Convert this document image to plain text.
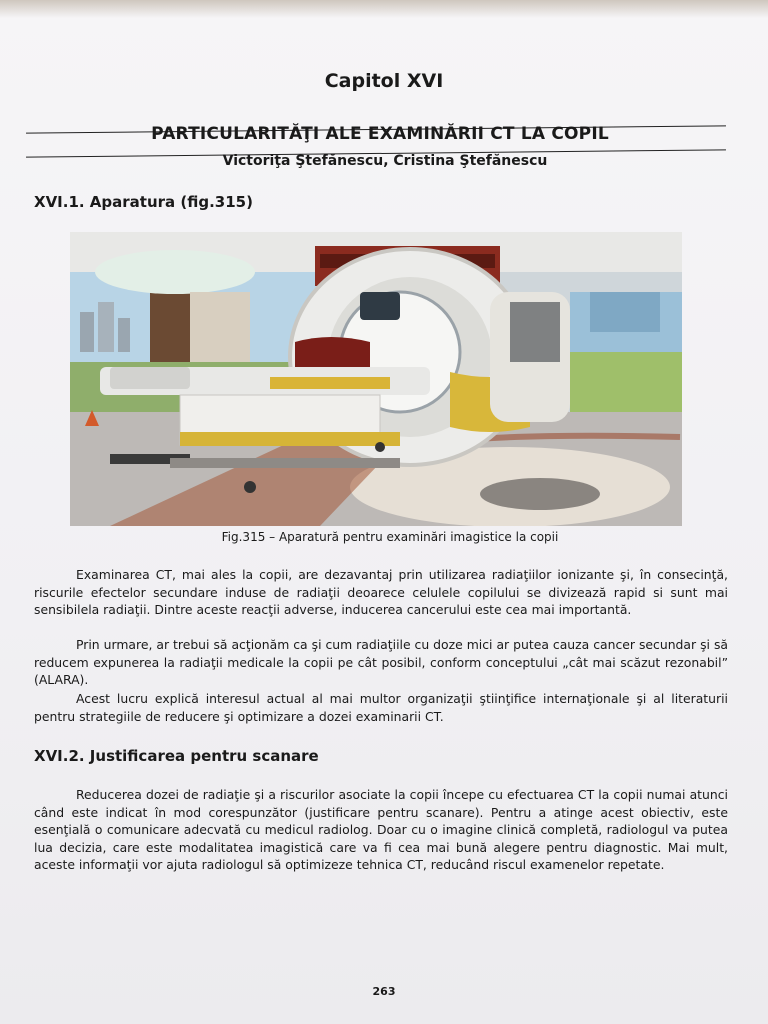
Capitol XVI
PARTICULARITĂŢI ALE EXAMINĂRII CT LA COPIL
Victoriţa Ştefănescu, Cristina Ştefănescu
XVI.1. Aparatura (fig.315)
Fig.315 – Aparatură pentru examinări imagistice la copii
Examinarea CT, mai ales la copii, are dezavantaj prin utilizarea radiaţiilor ionizante şi, în consecinţă, riscurile efectelor secundare induse de radiaţii deoarece celulele copilului se divizează rapid si sunt mai sensibilela radiaţii. Dintre aceste reacţii adverse, inducerea cancerului este cea mai importantă.
Prin urmare, ar trebui să acţionăm ca şi cum radiaţiile cu doze mici ar putea cauza cancer secundar şi să reducem expunerea la radiaţii medicale la copii pe cât posibil, conform conceptului „cât mai scăzut rezonabil” (ALARA).
Acest lucru explică interesul actual al mai multor organizaţii ştiinţifice internaţionale şi al literaturii pentru strategiile de reducere şi optimizare a dozei examinarii CT.
XVI.2. Justificarea pentru scanare
Reducerea dozei de radiaţie şi a riscurilor asociate la copii începe cu efectuarea CT la copii numai atunci când este indicat în mod corespunzător (justificare pentru scanare). Pentru a atinge acest obiectiv, este esenţială o comunicare adecvată cu medicul radiolog. Doar cu o imagine clinică completă, radiologul va putea lua decizia, care este modalitatea imagistică care va fi cea mai bună alegere pentru diagnostic. Mai mult, aceste informaţii vor ajuta radiologul să optimizeze tehnica CT, reducând riscul examenelor repetate.
263
